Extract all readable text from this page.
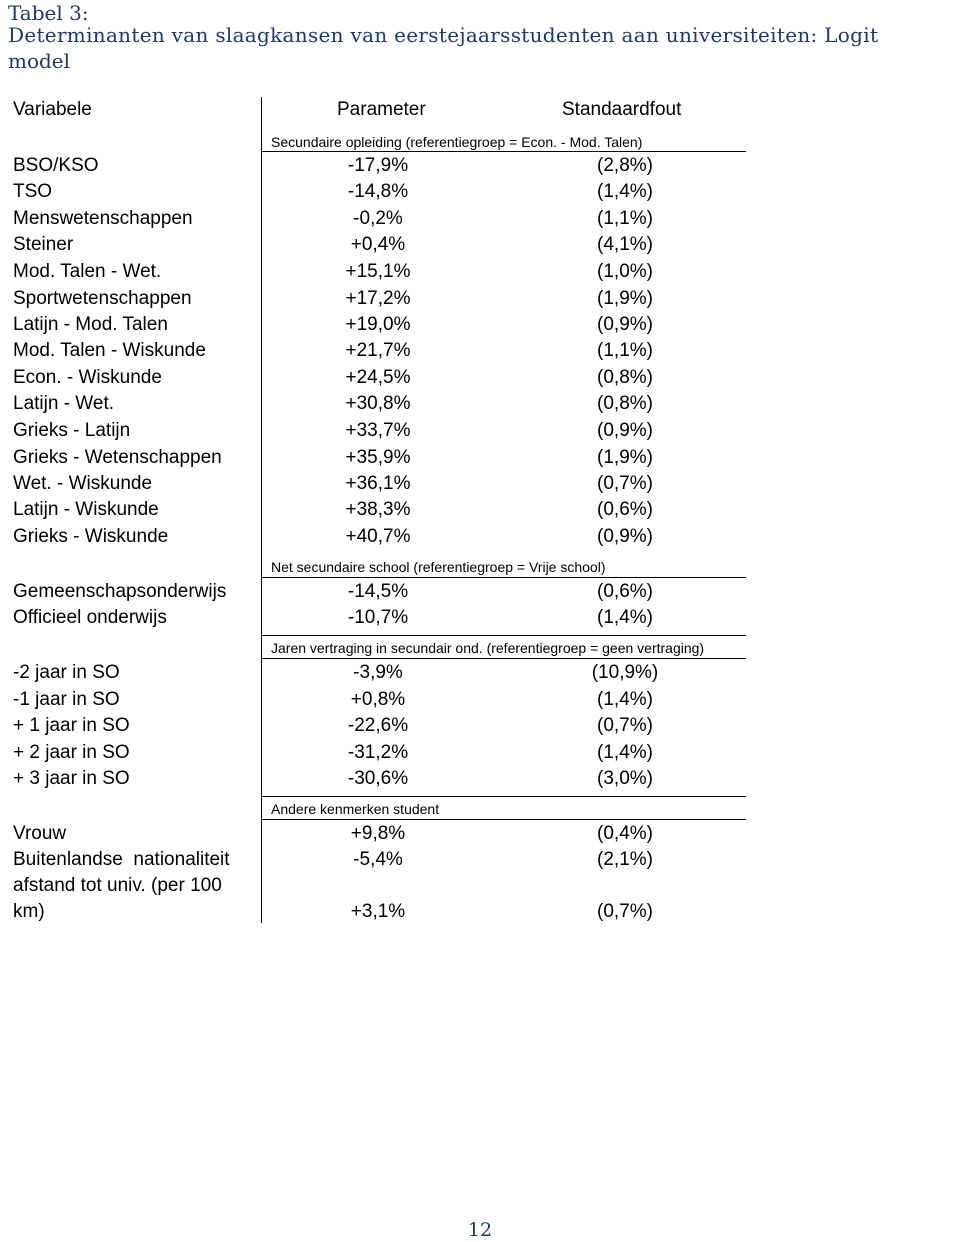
Tabel 3:
Determinanten van slaagkansen van eerstejaarsstudenten aan universiteiten: Logit
model
Variabele	Parameter	Standaardfout
Secundaire opleiding (referentiegroep = Econ. - Mod. Talen)
BSO/KSO	-17,9%	(2,8%)
TSO	-14,8%	(1,4%)
Menswetenschappen	-0,2%	(1,1%)
Steiner	+0,4%	(4,1%)
Mod. Talen - Wet.	+15,1%	(1,0%)
Sportwetenschappen	+17,2%	(1,9%)
Latijn - Mod. Talen	+19,0%	(0,9%)
Mod. Talen - Wiskunde	+21,7%	(1,1%)
Econ. - Wiskunde	+24,5%	(0,8%)
Latijn - Wet.	+30,8%	(0,8%)
Grieks - Latijn	+33,7%	(0,9%)
Grieks - Wetenschappen	+35,9%	(1,9%)
Wet. - Wiskunde	+36,1%	(0,7%)
Latijn - Wiskunde	+38,3%	(0,6%)
Grieks - Wiskunde	+40,7%	(0,9%)
Net secundaire school (referentiegroep = Vrije school)
Gemeenschapsonderwijs	-14,5%	(0,6%)
Officieel onderwijs	-10,7%	(1,4%)
Jaren vertraging in secundair ond. (referentiegroep = geen vertraging)
-2 jaar in SO	-3,9%	(10,9%)
-1 jaar in SO	+0,8%	(1,4%)
+ 1 jaar in SO	-22,6%	(0,7%)
+ 2 jaar in SO	-31,2%	(1,4%)
+ 3 jaar in SO	-30,6%	(3,0%)
Andere kenmerken student
Vrouw	+9,8%	(0,4%)
Buitenlandse  nationaliteit	-5,4%	(2,1%)
afstand tot univ. (per 100
km)	+3,1%	(0,7%)
12
